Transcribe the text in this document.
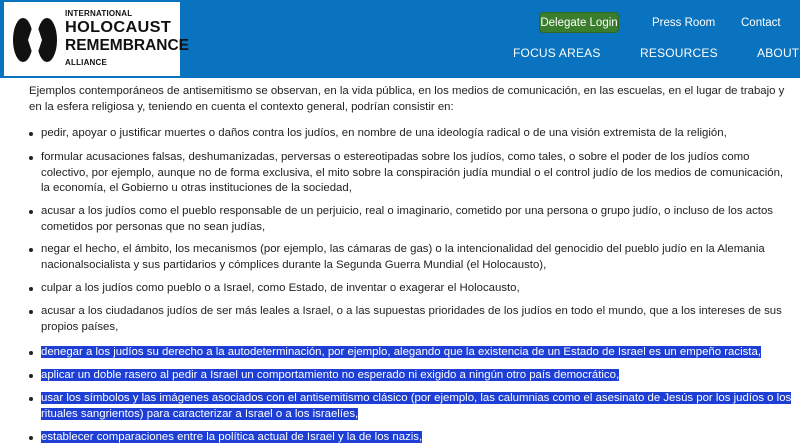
INTERNATIONAL
HOLOCAUST
REMEMBRANCE
ALLIANCE
Delegate Login	Press Room Contact
FOCUS AREAS	RESOURCES	ABOUT U

Ejemplos contemporáneos de antisemitismo se observan, en la vida pública, en los medios de comunicación, en las escuelas, en el lugar de trabajo y en la esfera religiosa y, teniendo en cuenta el contexto general, podrían consistir en:

pedir, apoyar o justificar muertes o daños contra los judíos, en nombre de una ideología radical o de una visión extremista de la religión,
formular acusaciones falsas, deshumanizadas, perversas o estereotipadas sobre los judíos, como tales, o sobre el poder de los judíos como colectivo, por ejemplo, aunque no de forma exclusiva, el mito sobre la conspiración judía mundial o el control judío de los medios de comunicación, la economía, el Gobierno u otras instituciones de la sociedad,
acusar a los judíos como el pueblo responsable de un perjuicio, real o imaginario, cometido por una persona o grupo judío, o incluso de los actos cometidos por personas que no sean judías,
negar el hecho, el ámbito, los mecanismos (por ejemplo, las cámaras de gas) o la intencionalidad del genocidio del pueblo judío en la Alemania nacionalsocialista y sus partidarios y cómplices durante la Segunda Guerra Mundial (el Holocausto),
culpar a los judíos como pueblo o a Israel, como Estado, de inventar o exagerar el Holocausto,
acusar a los ciudadanos judíos de ser más leales a Israel, o a las supuestas prioridades de los judíos en todo el mundo, que a los intereses de sus propios países,
denegar a los judíos su derecho a la autodeterminación, por ejemplo, alegando que la existencia de un Estado de Israel es un empeño racista,
aplicar un doble rasero al pedir a Israel un comportamiento no esperado ni exigido a ningún otro país democrático,
usar los símbolos y las imágenes asociados con el antisemitismo clásico (por ejemplo, las calumnias como el asesinato de Jesús por los judíos o los rituales sangrientos) para caracterizar a Israel o a los israelíes,
establecer comparaciones entre la política actual de Israel y la de los nazis,
